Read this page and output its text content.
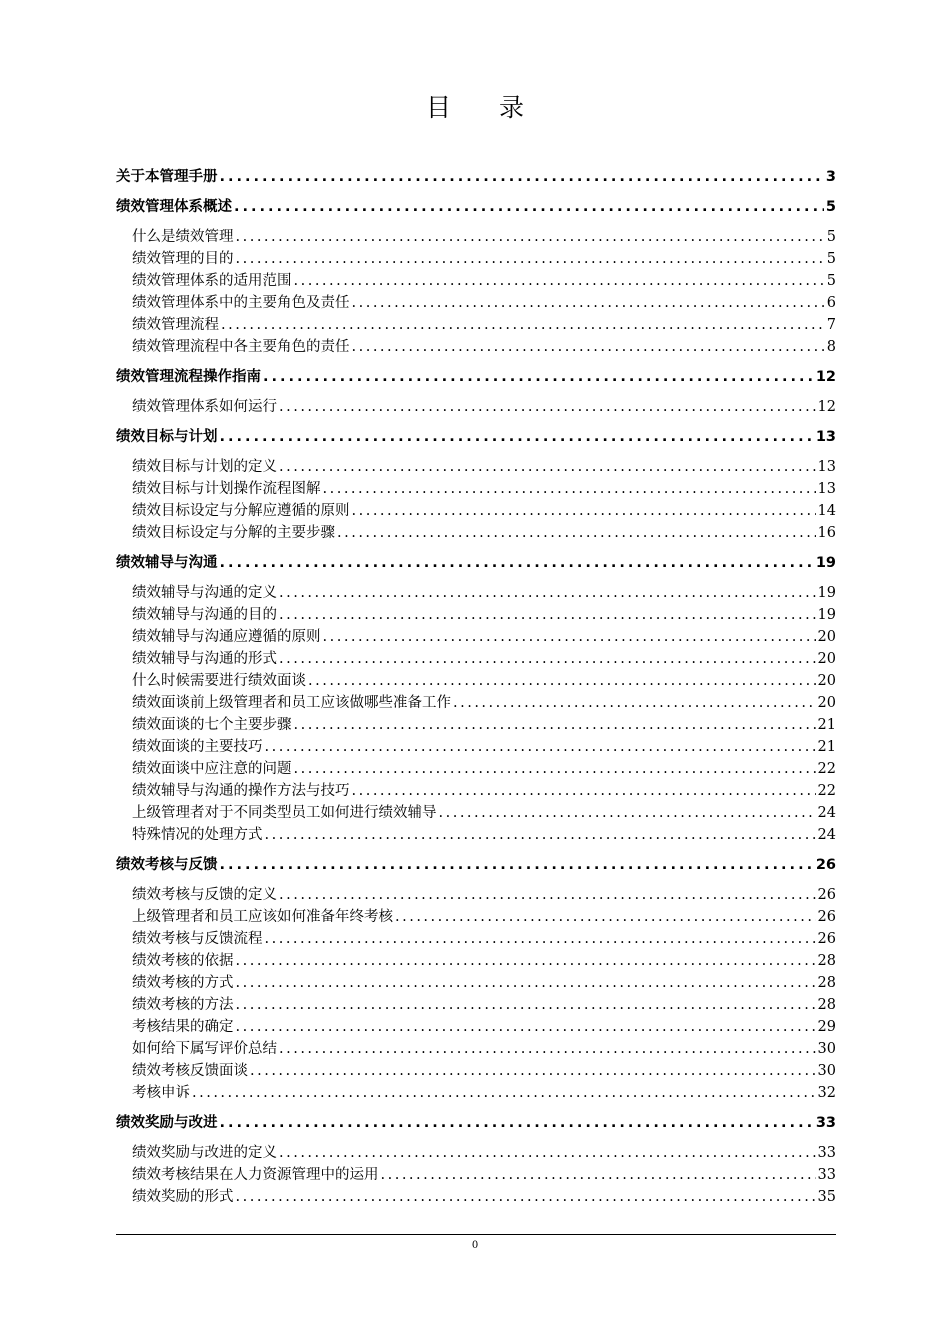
目 录
关于本管理手册 .....	3
绩效管理体系概述 .....	5
什么是绩效管理 .....	5
绩效管理的目的 .....	5
绩效管理体系的适用范围 .....	5
绩效管理体系中的主要角色及责任 .....	6
绩效管理流程 .....	7
绩效管理流程中各主要角色的责任 .....	8
绩效管理流程操作指南 .....	12
绩效管理体系如何运行 .....	12
绩效目标与计划 .....	13
绩效目标与计划的定义 .....	13
绩效目标与计划操作流程图解 .....	13
绩效目标设定与分解应遵循的原则 .....	14
绩效目标设定与分解的主要步骤 .....	16
绩效辅导与沟通 .....	19
绩效辅导与沟通的定义 .....	19
绩效辅导与沟通的目的 .....	19
绩效辅导与沟通应遵循的原则 .....	20
绩效辅导与沟通的形式 .....	20
什么时候需要进行绩效面谈 .....	20
绩效面谈前上级管理者和员工应该做哪些准备工作 .....	20
绩效面谈的七个主要步骤 .....	21
绩效面谈的主要技巧 .....	21
绩效面谈中应注意的问题 .....	22
绩效辅导与沟通的操作方法与技巧 .....	22
上级管理者对于不同类型员工如何进行绩效辅导 .....	24
特殊情况的处理方式 .....	24
绩效考核与反馈 .....	26
绩效考核与反馈的定义 .....	26
上级管理者和员工应该如何准备年终考核 .....	26
绩效考核与反馈流程 .....	26
绩效考核的依据 .....	28
绩效考核的方式 .....	28
绩效考核的方法 .....	28
考核结果的确定 .....	29
如何给下属写评价总结 .....	30
绩效考核反馈面谈 .....	30
考核申诉 .....	32
绩效奖励与改进 .....	33
绩效奖励与改进的定义 .....	33
绩效考核结果在人力资源管理中的运用 .....	33
绩效奖励的形式 .....	35
0
